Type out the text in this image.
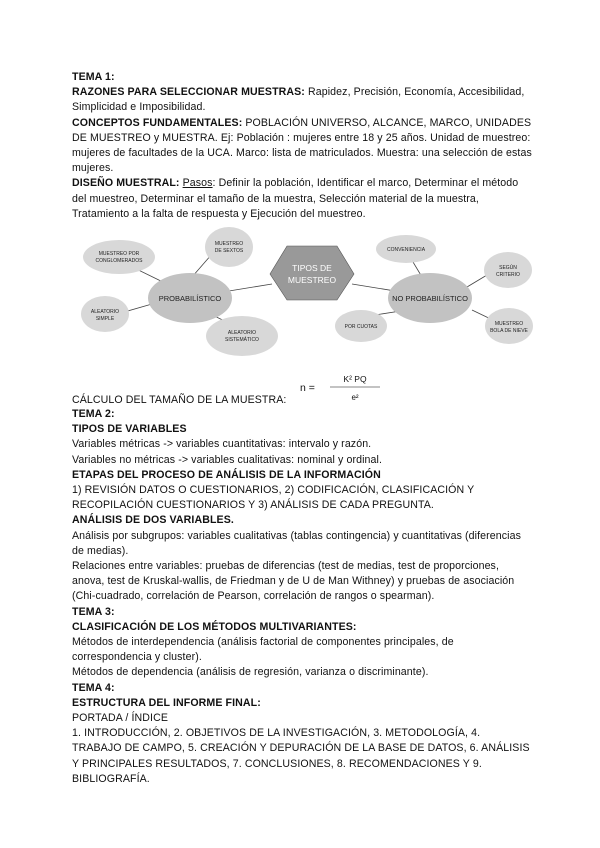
TEMA 1:

RAZONES PARA SELECCIONAR MUESTRAS: Rapidez, Precisión, Economía, Accesibilidad, Simplicidad e Imposibilidad.

CONCEPTOS FUNDAMENTALES: POBLACIÓN UNIVERSO, ALCANCE, MARCO, UNIDADES DE MUESTREO y MUESTRA. Ej: Población : mujeres entre 18 y 25 años. Unidad de muestreo: mujeres de facultades de la UCA. Marco: lista de matriculados. Muestra: una selección de estas mujeres.

DISEÑO MUESTRAL: Pasos: Definir la población, Identificar el marco, Determinar el método del muestreo, Determinar el tamaño de la muestra, Selección material de la muestra, Tratamiento a la falta de respuesta y Ejecución del muestreo.

TIPOS DE
MUESTREO
PROBABILÍSTICO	NO PROBABILÍSTICO
MUESTREO POR
CONGLOMERADOS
MUESTREO
DE SEXTOS
ALEATORIO
SIMPLE
ALEATORIO
SISTEMÁTICO
CONVENIENCIA
SEGÚN
CRITERIO
POR CUOTAS	MUESTREO
BOLA DE NIEVE
n =
K² PQ
e²

CÁLCULO DEL TAMAÑO DE LA MUESTRA:

TEMA 2:

TIPOS DE VARIABLES

Variables métricas -> variables cuantitativas: intervalo y razón.

Variables no métricas -> variables cualitativas: nominal y ordinal.

ETAPAS DEL PROCESO DE ANÁLISIS DE LA INFORMACIÓN

1) REVISIÓN DATOS O CUESTIONARIOS, 2) CODIFICACIÓN, CLASIFICACIÓN Y RECOPILACIÓN CUESTIONARIOS Y 3) ANÁLISIS DE CADA PREGUNTA.

ANÁLISIS DE DOS VARIABLES.

Análisis por subgrupos: variables cualitativas (tablas contingencia) y cuantitativas (diferencias de medias).

Relaciones entre variables: pruebas de diferencias (test de medias, test de proporciones, anova, test de Kruskal-wallis, de Friedman y de U de Man Withney) y pruebas de asociación (Chi-cuadrado, correlación de Pearson, correlación de rangos o spearman).

TEMA 3:

CLASIFICACIÓN DE LOS MÉTODOS MULTIVARIANTES:

Métodos de interdependencia (análisis factorial de componentes principales, de correspondencia y cluster).

Métodos de dependencia (análisis de regresión, varianza o discriminante).

TEMA 4:

ESTRUCTURA DEL INFORME FINAL:

PORTADA / ÍNDICE

1. INTRODUCCIÓN, 2. OBJETIVOS DE LA INVESTIGACIÓN, 3. METODOLOGÍA, 4. TRABAJO DE CAMPO, 5. CREACIÓN Y DEPURACIÓN DE LA BASE DE DATOS, 6. ANÁLISIS Y PRINCIPALES RESULTADOS, 7. CONCLUSIONES, 8. RECOMENDACIONES Y 9. BIBLIOGRAFÍA.
